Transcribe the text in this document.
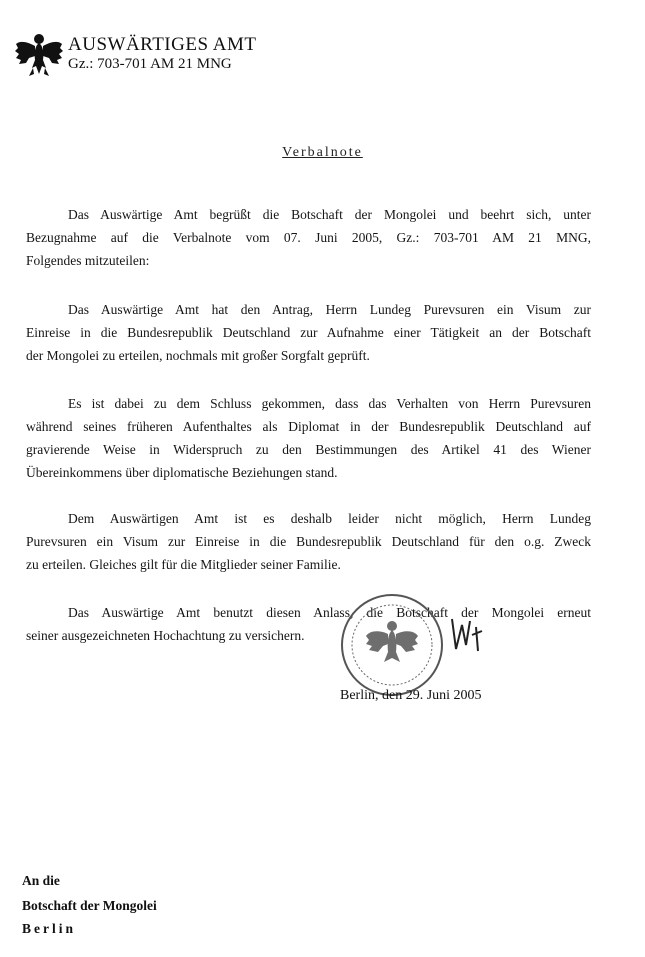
AUSWÄRTIGES AMT
Gz.: 703-701 AM 21 MNG
Verbalnote
Das Auswärtige Amt begrüßt die Botschaft der Mongolei und beehrt sich, unter
Bezugnahme auf die Verbalnote vom 07. Juni 2005, Gz.: 703-701 AM 21 MNG,
Folgendes mitzuteilen:
Das Auswärtige Amt hat den Antrag, Herrn Lundeg Purevsuren ein Visum zur
Einreise in die Bundesrepublik Deutschland zur Aufnahme einer Tätigkeit an der Botschaft
der Mongolei zu erteilen, nochmals mit großer Sorgfalt geprüft.
Es ist dabei zu dem Schluss gekommen, dass das Verhalten von Herrn Purevsuren
während seines früheren Aufenthaltes als Diplomat in der Bundesrepublik Deutschland auf
gravierende Weise in Widerspruch zu den Bestimmungen des Artikel 41 des Wiener
Übereinkommens über diplomatische Beziehungen stand.
Dem Auswärtigen Amt ist es deshalb leider nicht möglich, Herrn Lundeg
Purevsuren ein Visum zur Einreise in die Bundesrepublik Deutschland für den o.g. Zweck
zu erteilen. Gleiches gilt für die Mitglieder seiner Familie.
Das Auswärtige Amt benutzt diesen Anlass, die Botschaft der Mongolei erneut
seiner ausgezeichneten Hochachtung zu versichern.
Berlin, den 29. Juni 2005
An die
Botschaft der Mongolei
Berlin
